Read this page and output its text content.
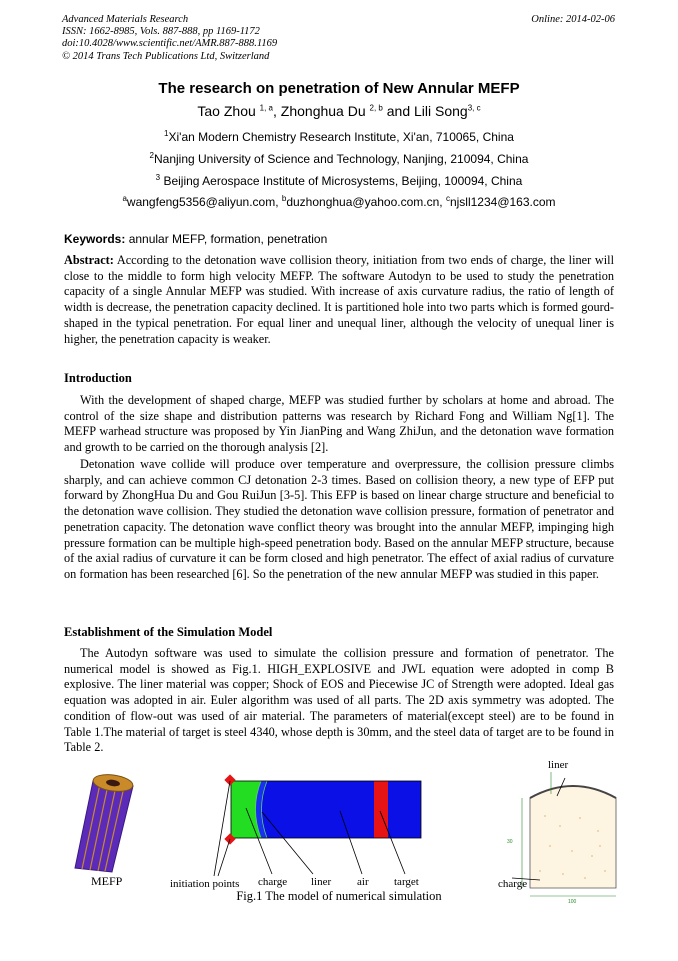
Advanced Materials Research
ISSN: 1662-8985, Vols. 887-888, pp 1169-1172
doi:10.4028/www.scientific.net/AMR.887-888.1169
© 2014 Trans Tech Publications Ltd, Switzerland
Online: 2014-02-06
The research on penetration of New Annular MEFP
Tao Zhou $^{1, a}$, Zhonghua Du $^{2, b}$ and Lili Song$^{3, c}$
$^1$Xi'an Modern Chemistry Research Institute, Xi'an, 710065, China
$^2$Nanjing University of Science and Technology, Nanjing, 210094, China
$^3$ Beijing Aerospace Institute of Microsystems, Beijing, 100094, China
$^a$wangfeng5356@aliyun.com, $^b$duzhonghua@yahoo.com.cn, $^c$njsll1234@163.com
Keywords: annular MEFP, formation, penetration
Abstract: According to the detonation wave collision theory, initiation from two ends of charge, the liner will close to the middle to form high velocity MEFP. The software Autodyn to be used to study the penetration capacity of a single Annular MEFP was studied. With increase of axis curvature radius, the ratio of length of width is decrease, the penetration capacity declined. It is partitioned hole into two parts which is formed gourd-shaped in the typical penetration. For equal liner and unequal liner, although the velocity of unequal liner is higher, the penetration capacity is weaker.
Introduction
With the development of shaped charge, MEFP was studied further by scholars at home and abroad. The control of the size shape and distribution patterns was research by Richard Fong and William Ng[1]. The MEFP warhead structure was proposed by Yin JianPing and Wang ZhiJun, and the detonation wave formation and growth to be carried on the thorough analysis [2].
Detonation wave collide will produce over temperature and overpressure, the collision pressure climbs sharply, and can achieve common CJ detonation 2-3 times. Based on collision theory, a new type of EFP put forward by ZhongHua Du and Gou RuiJun [3-5]. This EFP is based on linear charge structure and beneficial to the detonation wave collision. They studied the detonation wave collision pressure, formation of penetrator and penetration capacity. The detonation wave conflict theory was brought into the annular MEFP, impinging high pressure formation can be multiple high-speed penetration body. Based on the annular MEFP structure, because of the axial radius of curvature it can be form closed and high penetrator. The effect of axial radius of curvature on formation has been researched [6]. So the penetration of the new annular MEFP was studied in this paper.
Establishment of the Simulation Model
The Autodyn software was used to simulate the collision pressure and formation of penetrator. The numerical model is showed as Fig.1. HIGH_EXPLOSIVE and JWL equation were adopted in comp B explosive. The liner material was copper; Shock of EOS and Piecewise JC of Strength were adopted. Ideal gas equation was adopted in air. Euler algorithm was used of all parts. The 2D axis symmetry was adopted. The condition of flow-out was used of air material. The parameters of material(except steel) are to be found in Table 1.The material of target is steel 4340, whose depth is 30mm, and the steel data of target are to be found in Table 2.
liner
30
100
MEFP	initiation points charge liner air target	charge
Fig.1 The model of numerical simulation
